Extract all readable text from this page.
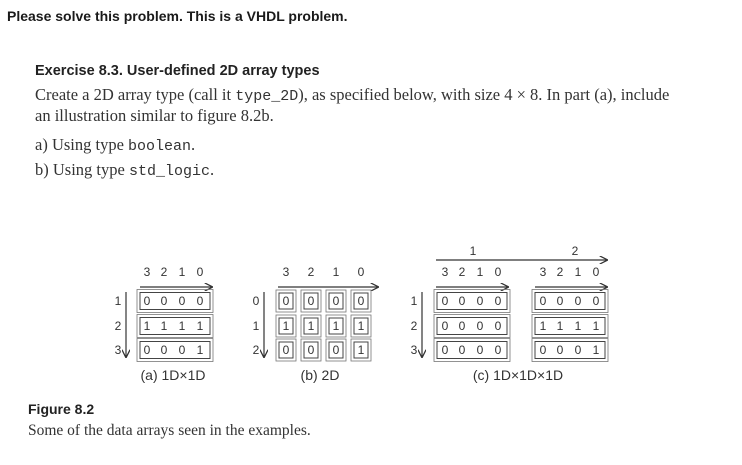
Please solve this problem. This is a VHDL problem.
Exercise 8.3. User-defined 2D array types
Create a 2D array type (call it type_2D), as specified below, with size 4 × 8. In part (a), include
an illustration similar to figure 8.2b.
a) Using type boolean.
b) Using type std_logic.
3 2 1 0
1
2
3
0 0 0 0
1 1 1 1
0 0 0 1
(a) 1D×1D
3 2 1 0
0
1
2
0 0 0 0
1 1 1 1
0 0 0 1
(b) 2D
1	2
3 2 1 0	3 2 1 0
1
2
3
0 0 0 0
0 0 0 0
0 0 0 0
0 0 0 0
1 1 1 1
0 0 0 1
(c) 1D×1D×1D
Figure 8.2
Some of the data arrays seen in the examples.
